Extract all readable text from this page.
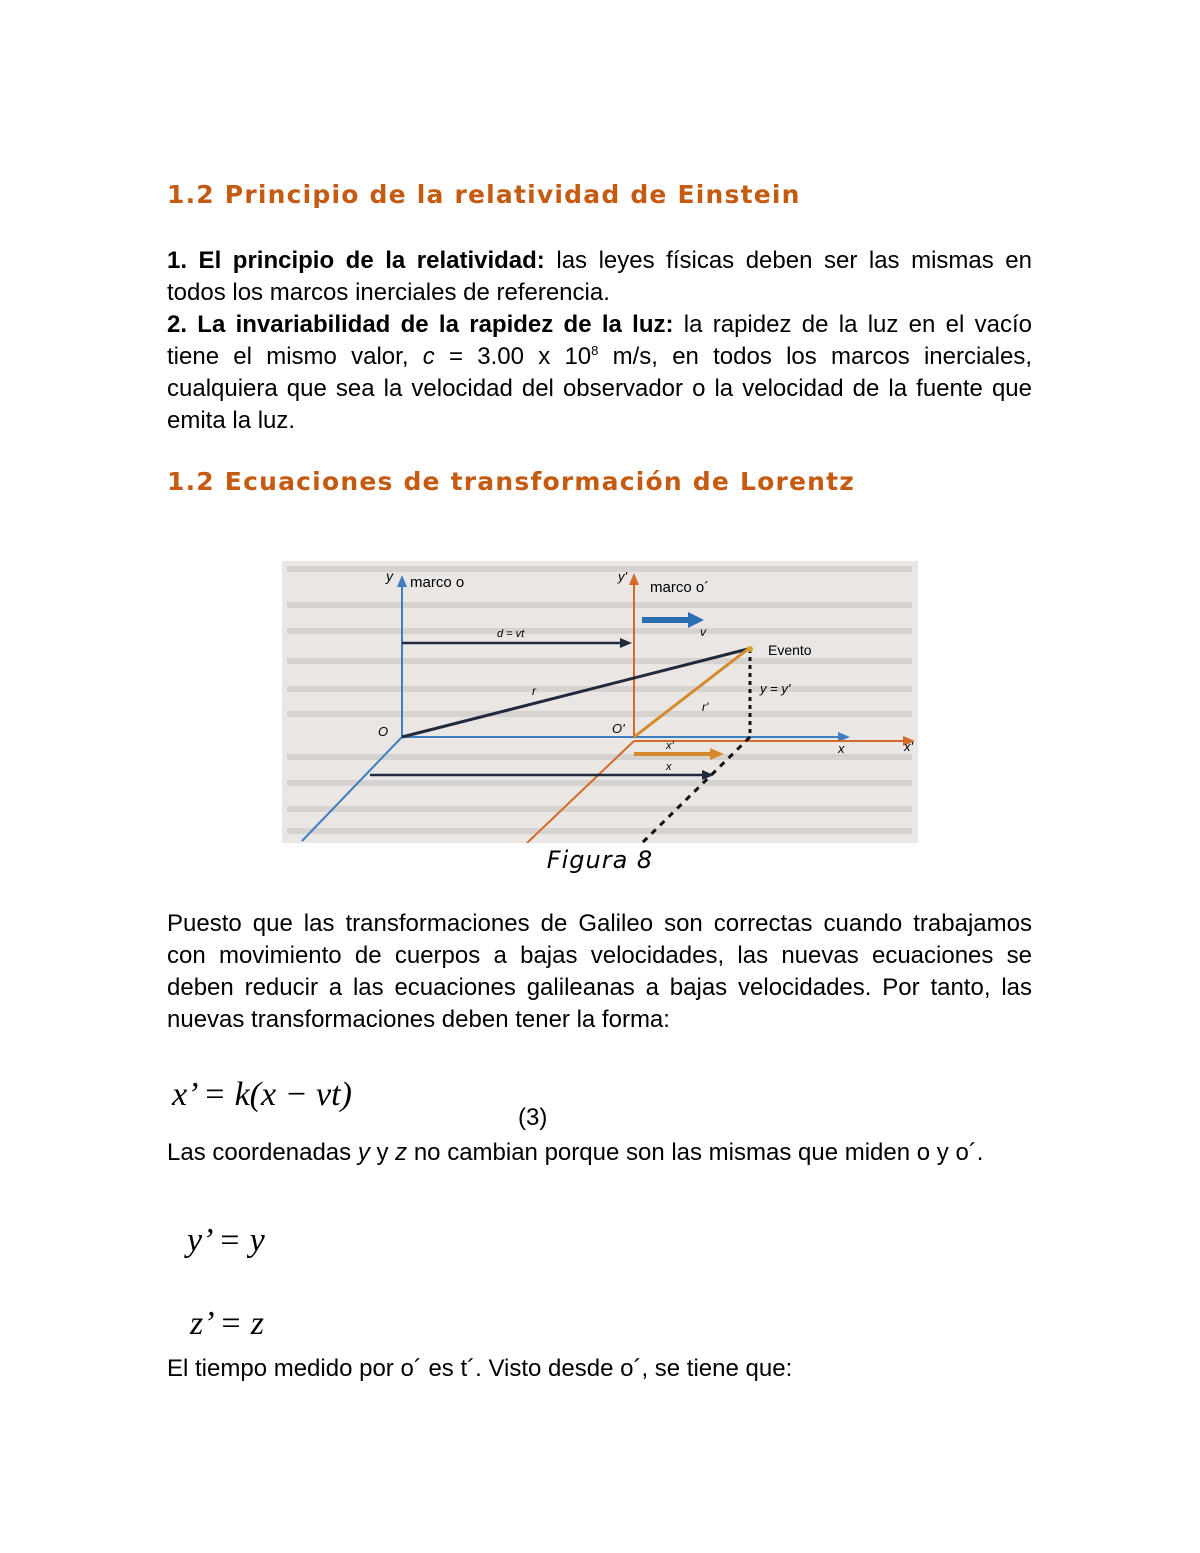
1.2 Principio de la relatividad de Einstein

1. El principio de la relatividad: las leyes físicas deben ser las mismas en todos los marcos inerciales de referencia.

2. La invariabilidad de la rapidez de la luz: la rapidez de la luz en el vacío tiene el mismo valor, c = 3.00 x $10^8$ m/s, en todos los marcos inerciales, cualquiera que sea la velocidad del observador o la velocidad de la fuente que emita la luz.

1.2 Ecuaciones de transformación de Lorentz
y marco o	y'
marco o´
d = vt	v
Evento
r
r'
y = y'
O	O'
x	x'
x'
x
Figura 8

Puesto que las transformaciones de Galileo son correctas cuando trabajamos con movimiento de cuerpos a bajas velocidades, las nuevas ecuaciones se deben reducir a las ecuaciones galileanas a bajas velocidades. Por tanto, las nuevas transformaciones deben tener la forma:

x’ = k(x − vt)
(3)

Las coordenadas y y z no cambian porque son las mismas que miden o y o´.

y’ = y
z’ = z

El tiempo medido por o´ es t´. Visto desde o´, se tiene que:
